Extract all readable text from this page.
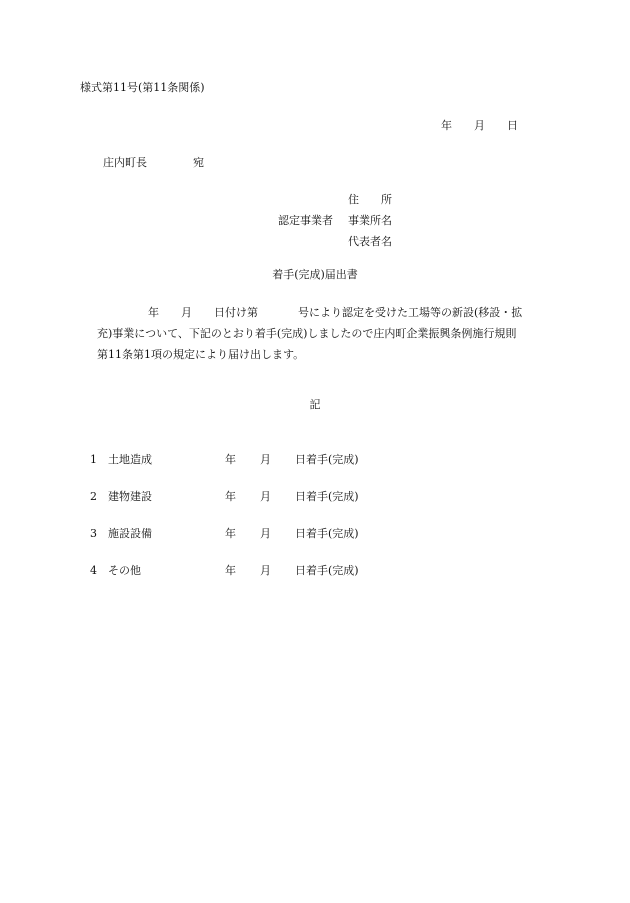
様式第11号(第11条関係)
年 月 日
庄内町長	宛
住 所
認定事業者	事業所名
代表者名
着手(完成)届出書
年 月 日付け第	号により認定を受けた工場等の新設(移設・拡
充)事業について、下記のとおり着手(完成)しましたので庄内町企業振興条例施行規則
第11条第1項の規定により届け出します。
記
1	土地造成	年	月	日着手(完成)
2	建物建設	年	月	日着手(完成)
3	施設設備	年	月	日着手(完成)
4	その他	年	月	日着手(完成)
